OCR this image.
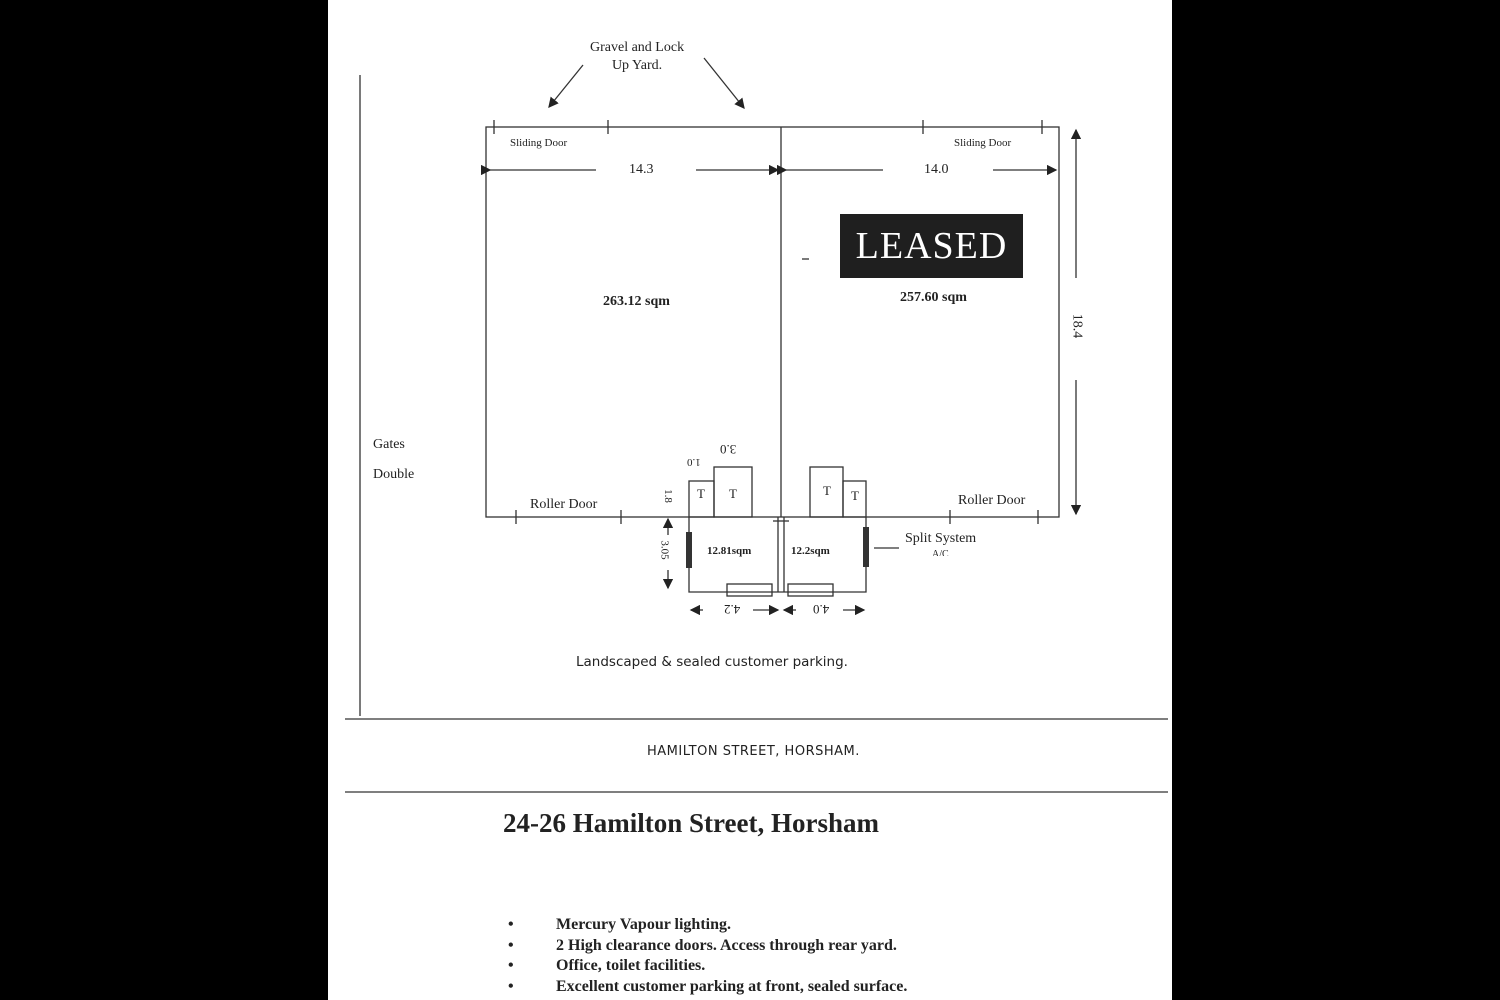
Gravel and Lock
Up Yard.
Sliding Door	Sliding Door
14.3	14.0
18.4
LEASED
263.12 sqm	257.60 sqm
Gates
Double
Roller Door	Roller Door
T T	T T
3.0
1.0
1.8
3.05	12.81sqm	12.2sqm
4.2	4.0
Split System
A/C
Landscaped & sealed customer parking.
HAMILTON STREET, HORSHAM.
24-26 Hamilton Street, Horsham
• Mercury Vapour lighting.
• 2 High clearance doors. Access through rear yard.
• Office, toilet facilities.
• Excellent customer parking at front, sealed surface.
